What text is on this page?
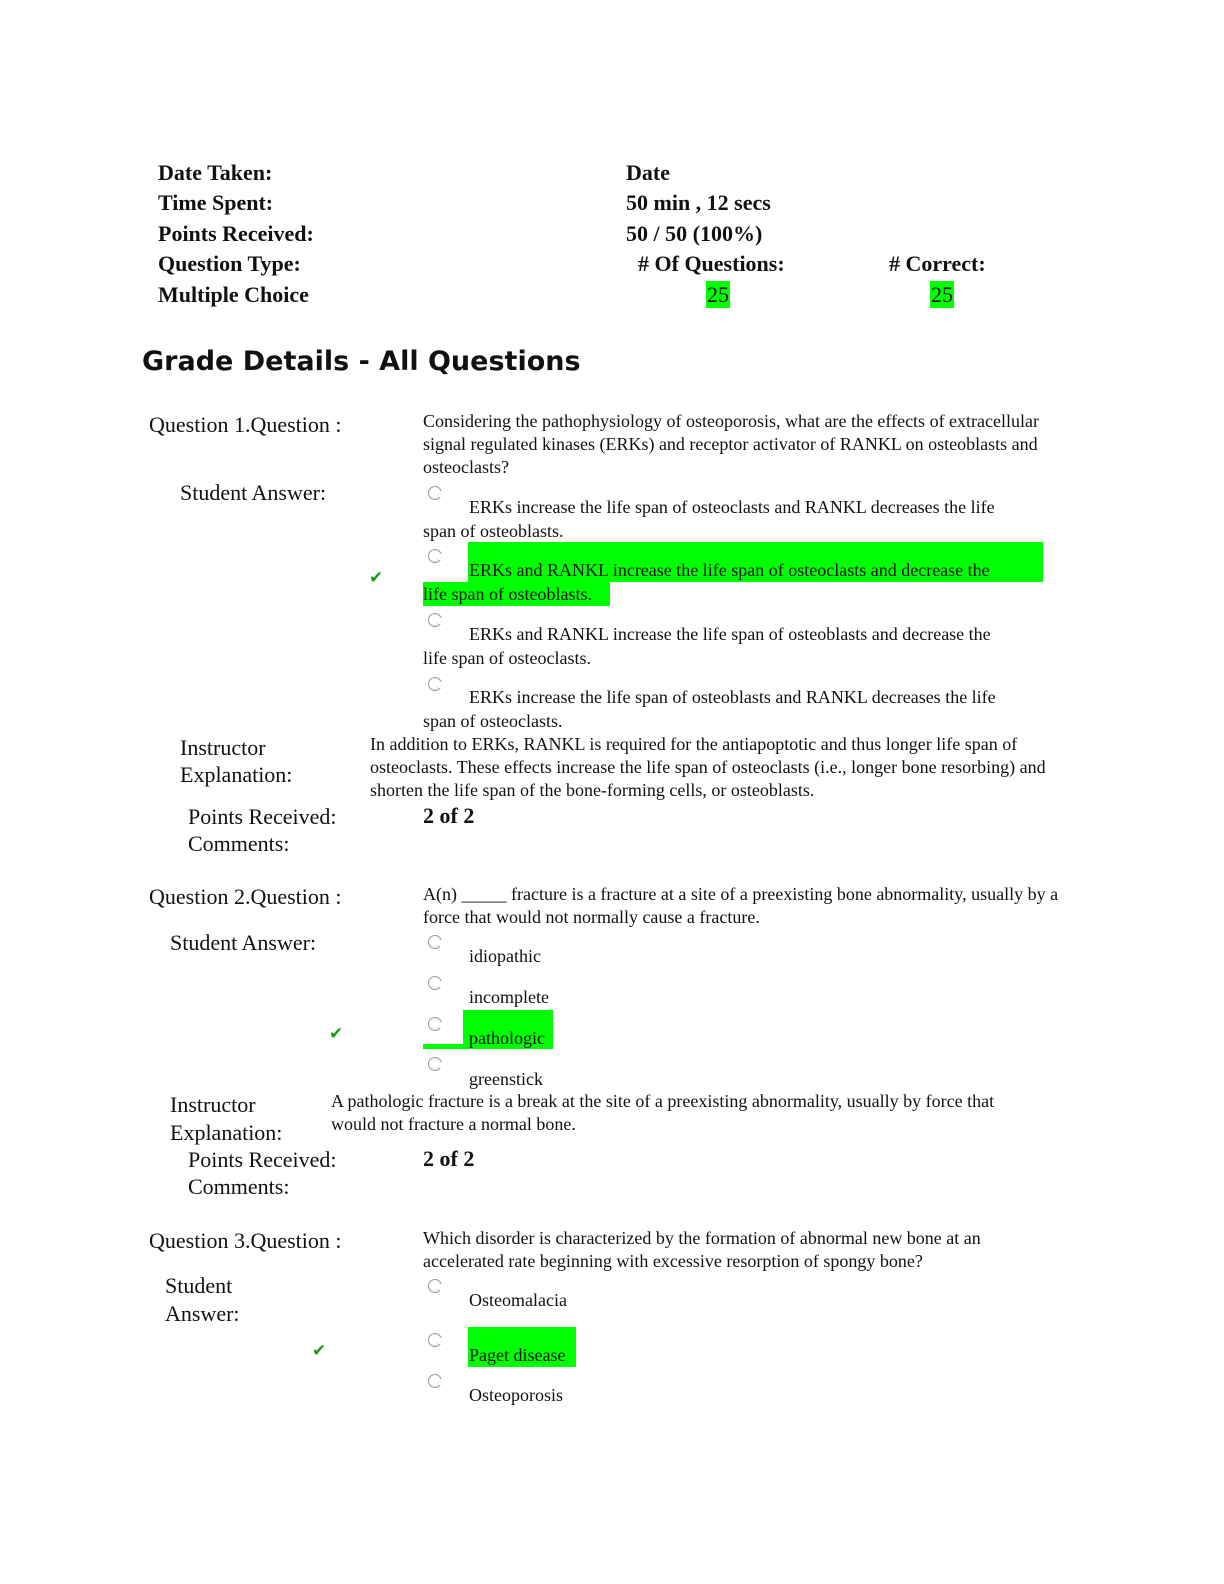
Date Taken:	Date
Time Spent:	50 min , 12 secs
Points Received:	50 / 50 (100%)
Question Type:	# Of Questions:	# Correct:
Multiple Choice	25	25
Grade Details - All Questions
Question 1.Question :	Considering the pathophysiology of osteoporosis, what are the effects of extracellular signal regulated kinases (ERKs) and receptor activator of RANKL on osteoblasts and osteoclasts?
Student Answer:
ERKs increase the life span of osteoclasts and RANKL decreases the life
span of osteoblasts.
✔	ERKs and RANKL increase the life span of osteoclasts and decrease the
life span of osteoblasts.
ERKs and RANKL increase the life span of osteoblasts and decrease the
life span of osteoclasts.
ERKs increase the life span of osteoblasts and RANKL decreases the life
span of osteoclasts.
Instructor
Explanation:
In addition to ERKs, RANKL is required for the antiapoptotic and thus longer life span of osteoclasts. These effects increase the life span of osteoclasts (i.e., longer bone resorbing) and shorten the life span of the bone-forming cells, or osteoblasts.
Points Received:	2 of 2
Comments:
Question 2.Question :	A(n) _____ fracture is a fracture at a site of a preexisting bone abnormality, usually by a force that would not normally cause a fracture.
Student Answer:
idiopathic
incomplete
✔	pathologic
greenstick
Instructor
Explanation:
A pathologic fracture is a break at the site of a preexisting abnormality, usually by force that would not fracture a normal bone.
Points Received:	2 of 2
Comments:
Question 3.Question :	Which disorder is characterized by the formation of abnormal new bone at an accelerated rate beginning with excessive resorption of spongy bone?
Student
Answer:
Osteomalacia
✔	Paget disease
Osteoporosis
